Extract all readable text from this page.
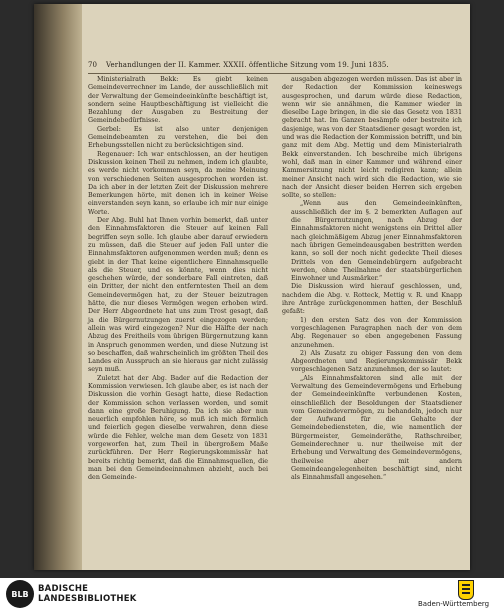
70 Verhandlungen der II. Kammer. XXXII. öffentliche Sitzung vom 19. Juni 1835.

Ministerialrath Bekk: Es giebt keinen Gemeindeverrechner im Lande, der ausschließlich mit der Verwaltung der Gemeindeeinkünfte beschäftigt ist, sondern seine Hauptbeschäftigung ist vielleicht die Bezahlung der Ausgaben zu Bestreitung der Gemeindebedürfnisse.

Gerbel: Es ist also unter denjenigen Gemeindebeamten zu verstehen, die bei den Erhebungsstellen nicht zu berücksichtigen sind.

Regenauer: Ich war entschlossen, an der heutigen Diskussion keinen Theil zu nehmen, indem ich glaubte, es werde nicht vorkommen seyn, da meine Meinung von verschiedenen Seiten ausgesprochen worden ist. Da ich aber in der letzten Zeit der Diskussion mehrere Bemerkungen hörte, mit denen ich in keiner Weise einverstanden seyn kann, so erlaube ich mir nur einige Worte.

Der Abg. Buhl hat Ihnen vorhin bemerkt, daß unter den Einnahmsfaktoren die Steuer auf keinen Fall begriffen seyn solle. Ich glaube aber darauf erwiedern zu müssen, daß die Steuer auf jeden Fall unter die Einnahmsfaktoren aufgenommen werden muß; denn es giebt in der That keine eigentlichere Einnahmsquelle als die Steuer, und es könnte, wenn dies nicht geschehen würde, der sonderbare Fall eintreten, daß ein Dritter, der nicht den entferntesten Theil an dem Gemeindevermögen hat, zu der Steuer beizutragen hätte, die nur dieses Vermögen wegen erhoben wird. Der Herr Abgeordnete hat uns zum Trost gesagt, daß ja die Bürgernutzungen zuerst eingezogen werden; allein was wird eingezogen? Nur die Hälfte der nach Abzug des Freitheils vom übrigen Bürgernutzung kann in Anspruch genommen werden, und diese Nutzung ist so beschaffen, daß wahrscheinlich im größten Theil des Landes ein Ausspruch an sie hieraus gar nicht zulässig seyn muß.

Zuletzt hat der Abg. Bader auf die Redaction der Kommission verwiesen. Ich glaube aber, es ist nach der Diskussion die vorhin Gesagt hatte, diese Redaction der Kommission schon verlassen worden, und somit dann eine große Beruhigung. Da ich sie aber nun neuerlich empfohlen höre, so muß ich mich förmlich und feierlich gegen dieselbe verwahren, denn diese würde die Fehler, welche man dem Gesetz von 1831 vorgeworfen hat, zum Theil in übergroßem Maße zurückführen. Der Herr Regierungskommissär hat bereits richtig bemerkt, daß die Einnahmsquellen, die man bei den Gemeindeeinnahmen abzieht, auch bei den Gemeinde-

ausgaben abgezogen werden müssen. Das ist aber in der Redaction der Kommission keineswegs ausgesprochen, und darum würde diese Redaction, wenn wir sie annähmen, die Kammer wieder in dieselbe Lage bringen, in die sie das Gesetz von 1831 gebracht hat. Im Ganzen besämpfe oder bestreite ich dasjenige, was von der Staatsdiener gesagt worden ist, und was die Redaction der Kommission betrifft, und bin ganz mit dem Abg. Mettig und dem Ministerialrath Bekk einverstanden. Ich beschreibe mich übrigens wohl, daß man in einer Kammer und während einer Kammersitzung nicht leicht redigiren kann; allein meiner Ansicht nach wird sich die Redaction, wie sie nach der Ansicht dieser beiden Herren sich ergeben sollte, so stellen:

„Wenn aus den Gemeindeeinkünften, ausschließlich der im §. 2 bemerkten Auflagen auf die Bürgernutzungen, nach Abzug der Einnahmsfaktoren nicht wenigstens ein Drittel aller nach gleichmäßigem Abzug jener Einnahmsfaktoren nach übrigen Gemeindeausgaben bestritten werden kann, so soll der noch nicht gedeckte Theil dieses Drittels von den Gemeindebürgern aufgebracht werden, ohne Theilnahme der staatsbürgerlichen Einwohner und Ausmärker.“

Die Diskussion wird hierauf geschlossen, und, nachdem die Abg. v. Rotteck, Mettig v. R. und Knapp ihre Anträge zurückgenommen hatten, der Beschluß gefaßt:

1) den ersten Satz des von der Kommission vorgeschlagenen Paragraphen nach der von dem Abg. Regenauer so eben angegebenen Fassung anzunehmen.

2) Als Zusatz zu obiger Fassung den von dem Abgeordneten und Regierungskommissär Bekk vorgeschlagenen Satz anzunehmen, der so lautet:

„Als Einnahmsfaktoren sind alle mit der Verwaltung des Gemeindevermögens und Erhebung der Gemeindeeinkünfte verbundenen Kosten, einschließlich der Besoldungen der Staatsdiener vom Gemeindevermögen, zu behandeln, jedoch nur der Aufwand für die Gehalte der Gemeindebediensteten, die, wie namentlich der Bürgermeister, Gemeinderäthe, Rathschreiber, Gemeinderechner u. nur theilweise mit der Erhebung und Verwaltung des Gemeindevermögens, theilweise aber mit andern Gemeindeangelegenheiten beschäftigt sind, nicht als Einnahmsfall angesehen.“

BLB	BADISCHE
LANDESBIBLIOTHEK	Baden-Württemberg
